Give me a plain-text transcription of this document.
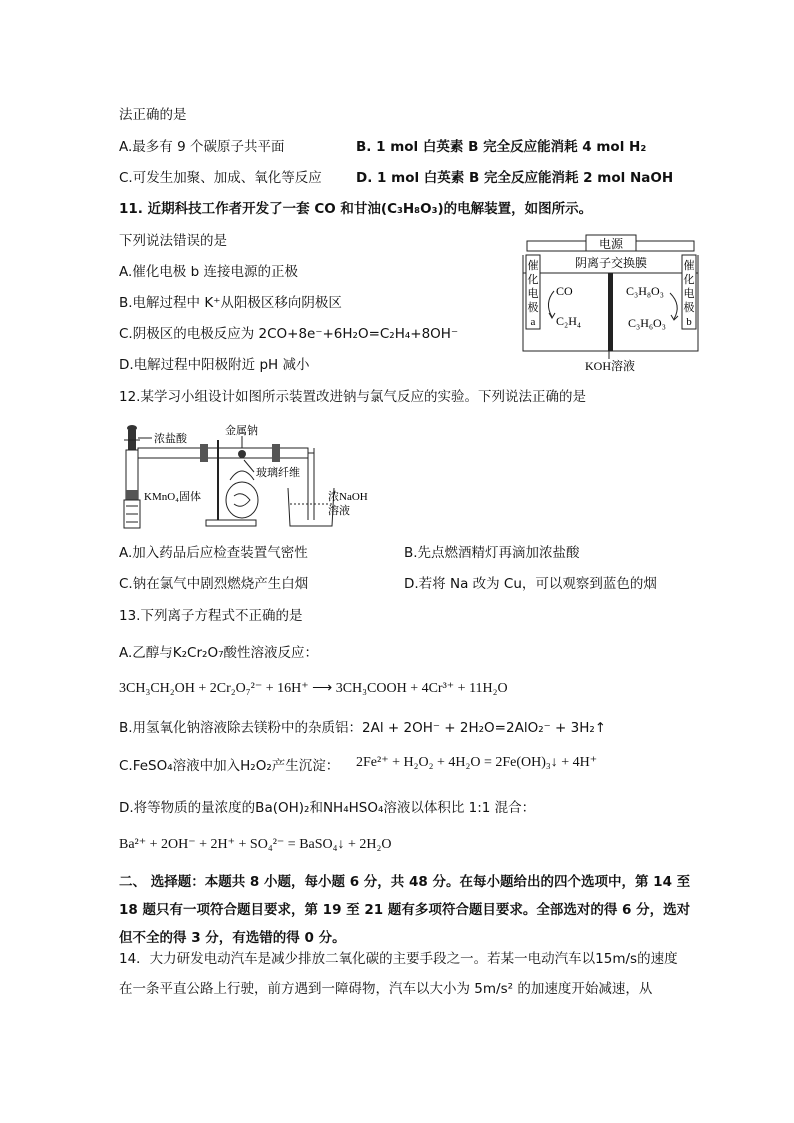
法正确的是
A.最多有 9 个碳原子共平面	B. 1 mol 白英素 B 完全反应能消耗 4 mol H₂
C.可发生加聚、加成、氧化等反应	D. 1 mol 白英素 B 完全反应能消耗 2 mol NaOH
11. 近期科技工作者开发了一套 CO 和甘油(C₃H₈O₃)的电解装置，如图所示。
下列说法错误的是
A.催化电极 b 连接电源的正极
B.电解过程中 K⁺从阳极区移向阴极区
C.阴极区的电极反应为 2CO+8e⁻+6H₂O=C₂H₄+8OH⁻
D.电解过程中阳极附近 pH 减小
电源
阴离子交换膜
催
化
电
极
a
催
化
电
极
b
CO
C₂H₄
C₃H₈O₃
C₃H₆O₃
KOH溶液
12.某学习小组设计如图所示装置改进钠与氯气反应的实验。下列说法正确的是
浓盐酸
KMnO₄固体
金属钠
玻璃纤维
浓NaOH
溶液
A.加入药品后应检查装置气密性	B.先点燃酒精灯再滴加浓盐酸
C.钠在氯气中剧烈燃烧产生白烟	D.若将 Na 改为 Cu，可以观察到蓝色的烟
13.下列离子方程式不正确的是
A.乙醇与K₂Cr₂O₇酸性溶液反应：
3CH₃CH₂OH + 2Cr₂O₇²⁻ + 16H⁺ ⟶ 3CH₃COOH + 4Cr³⁺ + 11H₂O
B.用氢氧化钠溶液除去镁粉中的杂质铝：2Al + 2OH⁻ + 2H₂O=2AlO₂⁻ + 3H₂↑
C.FeSO₄溶液中加入H₂O₂产生沉淀： 2Fe²⁺ + H₂O₂ + 4H₂O = 2Fe(OH)₃↓ + 4H⁺
D.将等物质的量浓度的Ba(OH)₂和NH₄HSO₄溶液以体积比 1:1 混合：
Ba²⁺ + 2OH⁻ + 2H⁺ + SO₄²⁻ = BaSO₄↓ + 2H₂O
二、 选择题：本题共 8 小题，每小题 6 分，共 48 分。在每小题给出的四个选项中，第 14 至 18 题只有一项符合题目要求，第 19 至 21 题有多项符合题目要求。全部选对的得 6 分，选对但不全的得 3 分，有选错的得 0 分。
14．大力研发电动汽车是减少排放二氧化碳的主要手段之一。若某一电动汽车以15m/s的速度在一条平直公路上行驶，前方遇到一障碍物，汽车以大小为 5m/s² 的加速度开始减速，从
